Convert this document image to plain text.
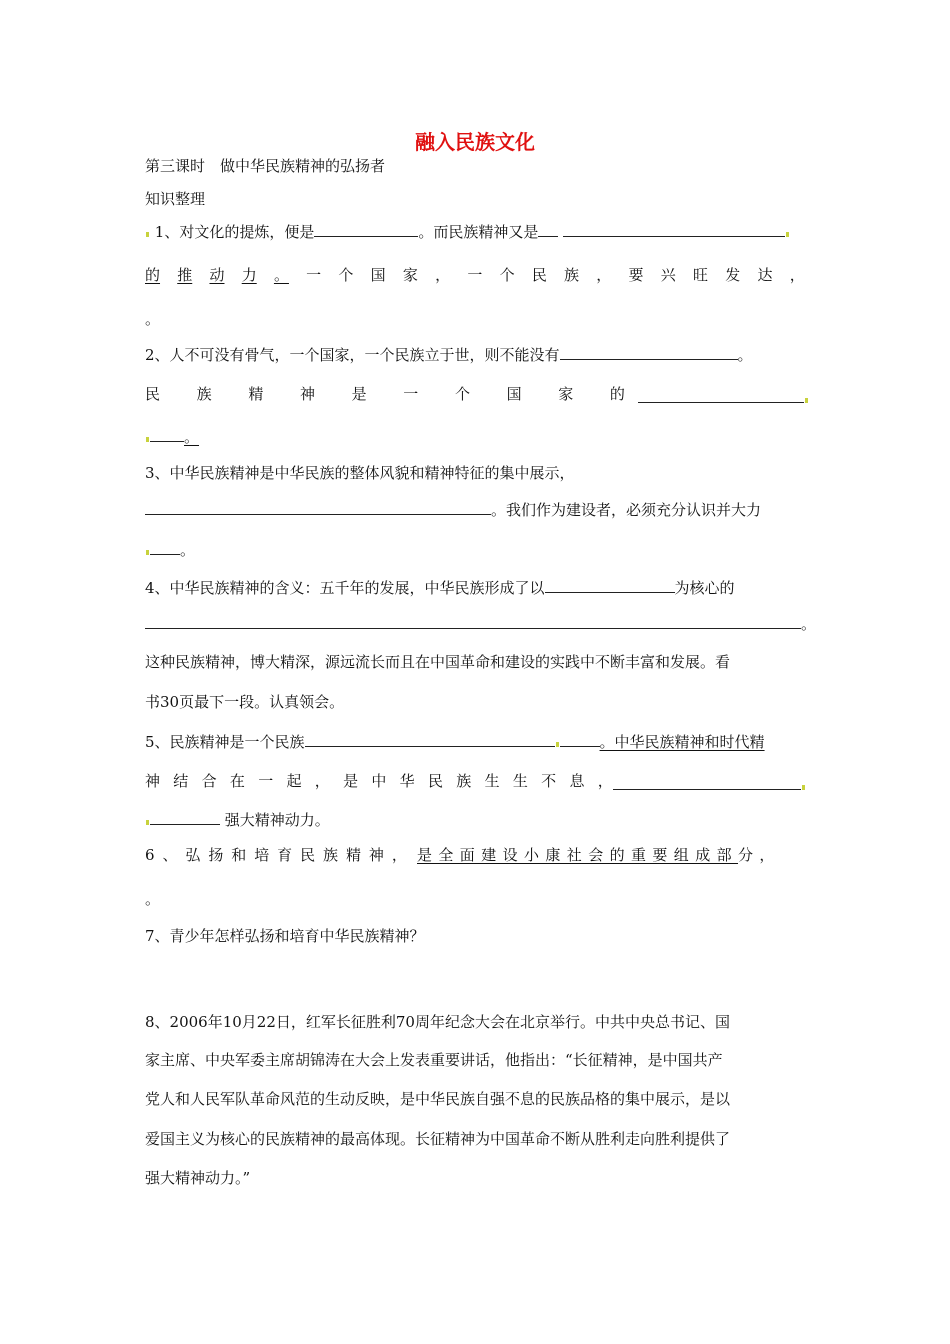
融入民族文化
第三课时　做中华民族精神的弘扬者
知识整理
1、对文化的提炼，便是	。而民族精神又是
的 推 动 力 。 一 个 国 家 ， 一 个 民 族 ， 要 兴 旺 发 达 ，
。
2、人不可没有骨气，一个国家，一个民族立于世，则不能没有	。
民 族 精 神 是 一 个 国 家 的
。
3、中华民族精神是中华民族的整体风貌和精神特征的集中展示，
。我们作为建设者，必须充分认识并大力
。
4、中华民族精神的含义：五千年的发展，中华民族形成了以	为核心的
。
这种民族精神，博大精深，源远流长而且在中国革命和建设的实践中不断丰富和发展。看
书30页最下一段。认真领会。
5、民族精神是一个民族	。中华民族精神和时代精
神 结 合 在 一 起 ， 是 中 华 民 族 生 生 不 息 ，
强大精神动力。
6 、 弘 扬 和 培 育 民 族 精 神 ， 是全面建设小康社会的重要组成部分，
。
7、青少年怎样弘扬和培育中华民族精神？
8、2006年10月22日，红军长征胜利70周年纪念大会在北京举行。中共中央总书记、国
家主席、中央军委主席胡锦涛在大会上发表重要讲话，他指出：“长征精神，是中国共产
党人和人民军队革命风范的生动反映，是中华民族自强不息的民族品格的集中展示，是以
爱国主义为核心的民族精神的最高体现。长征精神为中国革命不断从胜利走向胜利提供了
强大精神动力。”
